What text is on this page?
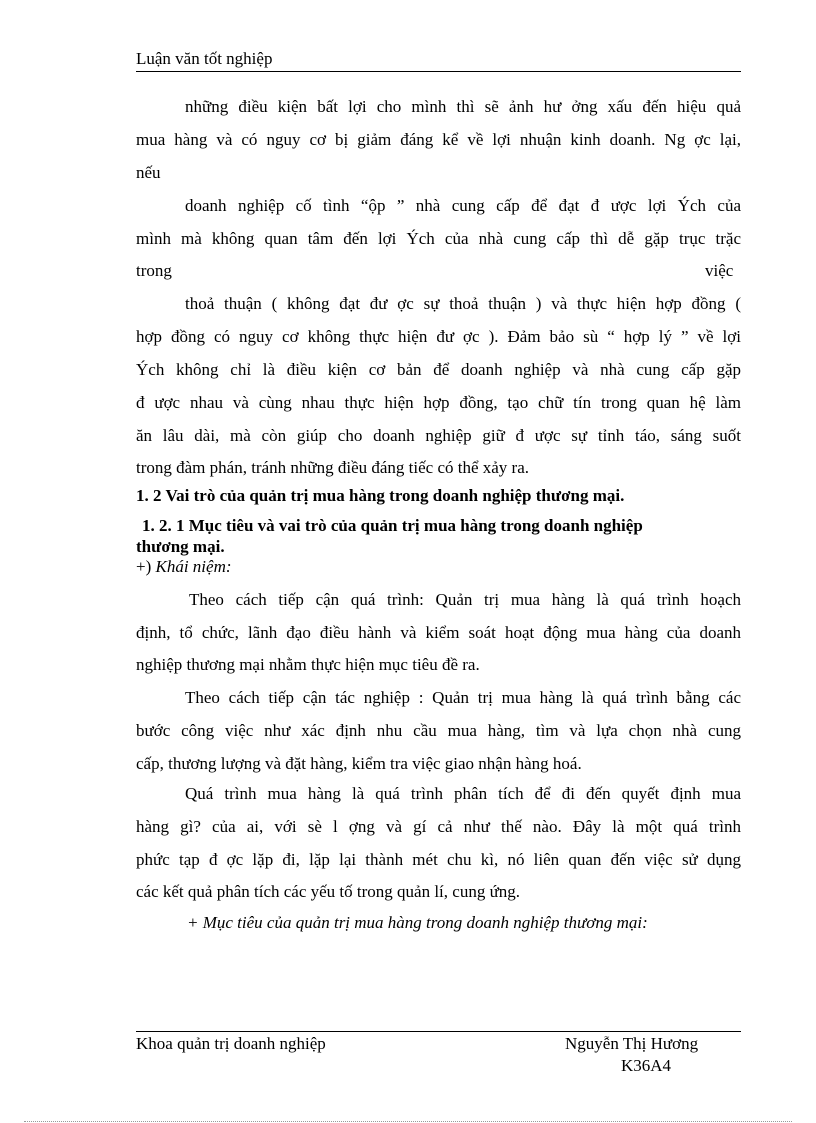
Luận văn tốt nghiệp
những điều kiện bất lợi cho mình thì sẽ ảnh hư ởng xấu đến hiệu quả
mua hàng và có nguy cơ bị giảm đáng kể về lợi nhuận kinh doanh. Ng ợc lại,
nếu
doanh nghiệp cố tình “ộp ” nhà cung cấp để đạt đ ược lợi Ých của
mình mà không quan tâm đến lợi Ých của nhà cung cấp thì dễ gặp trục trặc
trong	việc
thoả thuận ( không đạt đư ợc sự thoả thuận ) và thực hiện hợp đồng (
hợp đồng có nguy cơ không thực hiện đư ợc ). Đảm bảo sù “ hợp lý ” về lợi
Ých không chỉ là điều kiện cơ bản để doanh nghiệp và nhà cung cấp gặp
đ ược nhau và cùng nhau thực hiện hợp đồng, tạo chữ tín trong quan hệ làm
ăn lâu dài, mà còn giúp cho doanh nghiệp giữ đ ược sự tỉnh táo, sáng suốt
trong đàm phán, tránh những điều đáng tiếc có thể xảy ra.
1. 2 Vai trò của quản trị mua hàng trong doanh nghiệp thương mại.
1. 2. 1 Mục tiêu và vai trò của quản trị mua hàng trong doanh nghiệp
thương mại.
+) Khái niệm:
Theo cách tiếp cận quá trình: Quản trị mua hàng là quá trình hoạch
định, tổ chức, lãnh đạo điều hành và kiểm soát hoạt động mua hàng của doanh
nghiệp thương mại nhằm thực hiện mục tiêu đề ra.
Theo cách tiếp cận tác nghiệp : Quản trị mua hàng là quá trình bằng các
bước công việc như xác định nhu cầu mua hàng, tìm và lựa chọn nhà cung
cấp, thương lượng và đặt hàng, kiểm tra việc giao nhận hàng hoá.
Quá trình mua hàng là quá trình phân tích để đi đến quyết định mua
hàng gì? của ai, với sè l ợng và gí cả như thế nào. Đây là một quá trình
phức tạp đ ợc lặp đi, lặp lại thành mét chu kì, nó liên quan đến việc sử dụng
các kết quả phân tích các yếu tố trong quản lí, cung ứng.
+ Mục tiêu của quản trị mua hàng trong doanh nghiệp thương mại:
Khoa quản trị doanh nghiệp	Nguyễn Thị Hương
K36A4
